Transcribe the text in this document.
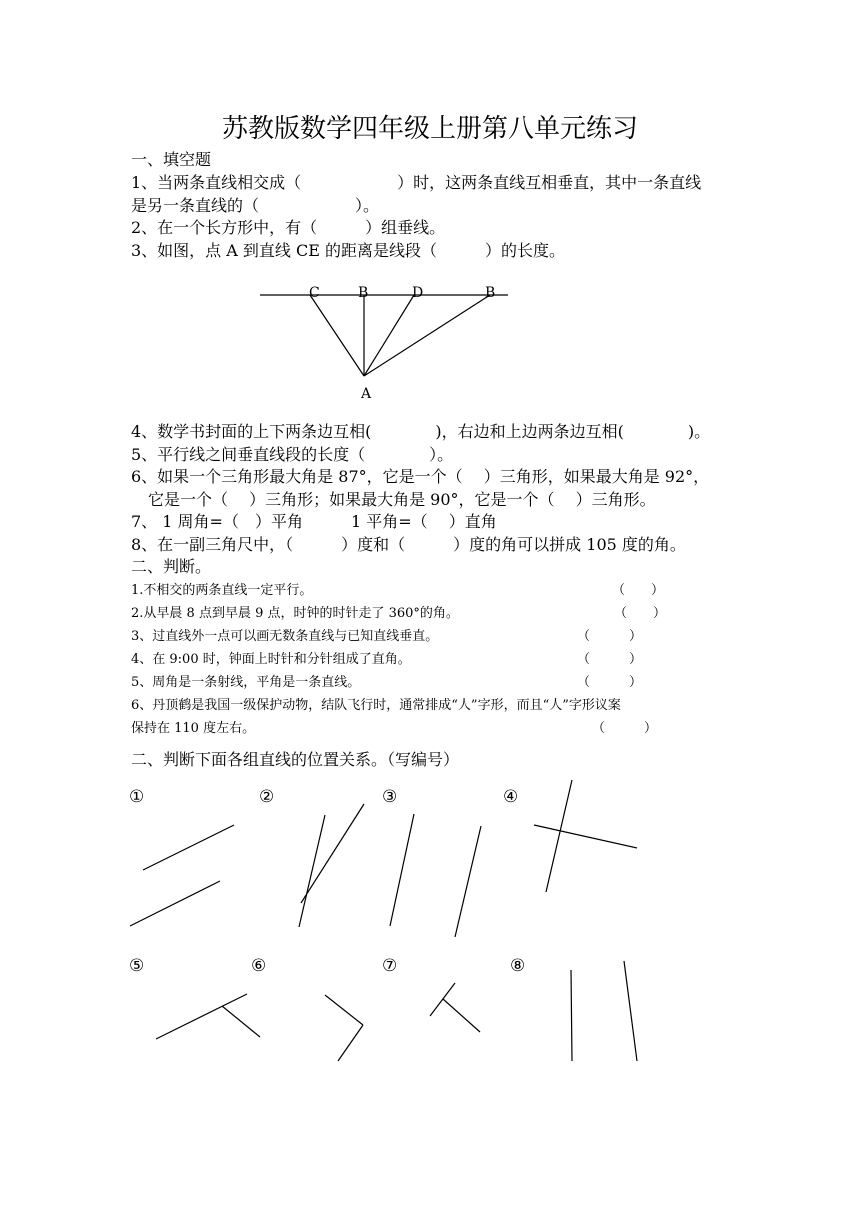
苏教版数学四年级上册第八单元练习
一、填空题
1、当两条直线相交成（　　　　　　）时，这两条直线互相垂直，其中一条直线
是另一条直线的（　　　　　　）。
2、在一个长方形中，有（　　　）组垂线。
3、如图，点 A 到直线 CE 的距离是线段（　　　）的长度。
C	B	D	B
A
4、数学书封面的上下两条边互相(　　　　)，右边和上边两条边互相(　　　　)。
5、平行线之间垂直线段的长度（　　　　）。
6、如果一个三角形最大角是 87°，它是一个（　 ）三角形，如果最大角是 92°，
它是一个（　 ）三角形；如果最大角是 90°，它是一个（　 ）三角形。
7、 1 周角=（　）平角　　　1 平角=（　 ）直角
8、在一副三角尺中，（　　　）度和（　　　）度的角可以拼成 105 度的角。
二、判断。
1.不相交的两条直线一定平行。	（　　）
2.从早晨 8 点到早晨 9 点，时钟的时针走了 360°的角。	（　　）
3、过直线外一点可以画无数条直线与已知直线垂直。	（　　　）
4、在 9:00 时，钟面上时针和分针组成了直角。	（　　　）
5、周角是一条射线，平角是一条直线。	（　　　）
6、丹顶鹤是我国一级保护动物，结队飞行时，通常排成“人”字形，而且“人”字形议案
保持在 110 度左右。	（　　　）
二、判断下面各组直线的位置关系。（写编号）
①	②	③	④
⑤	⑥	⑦	⑧
